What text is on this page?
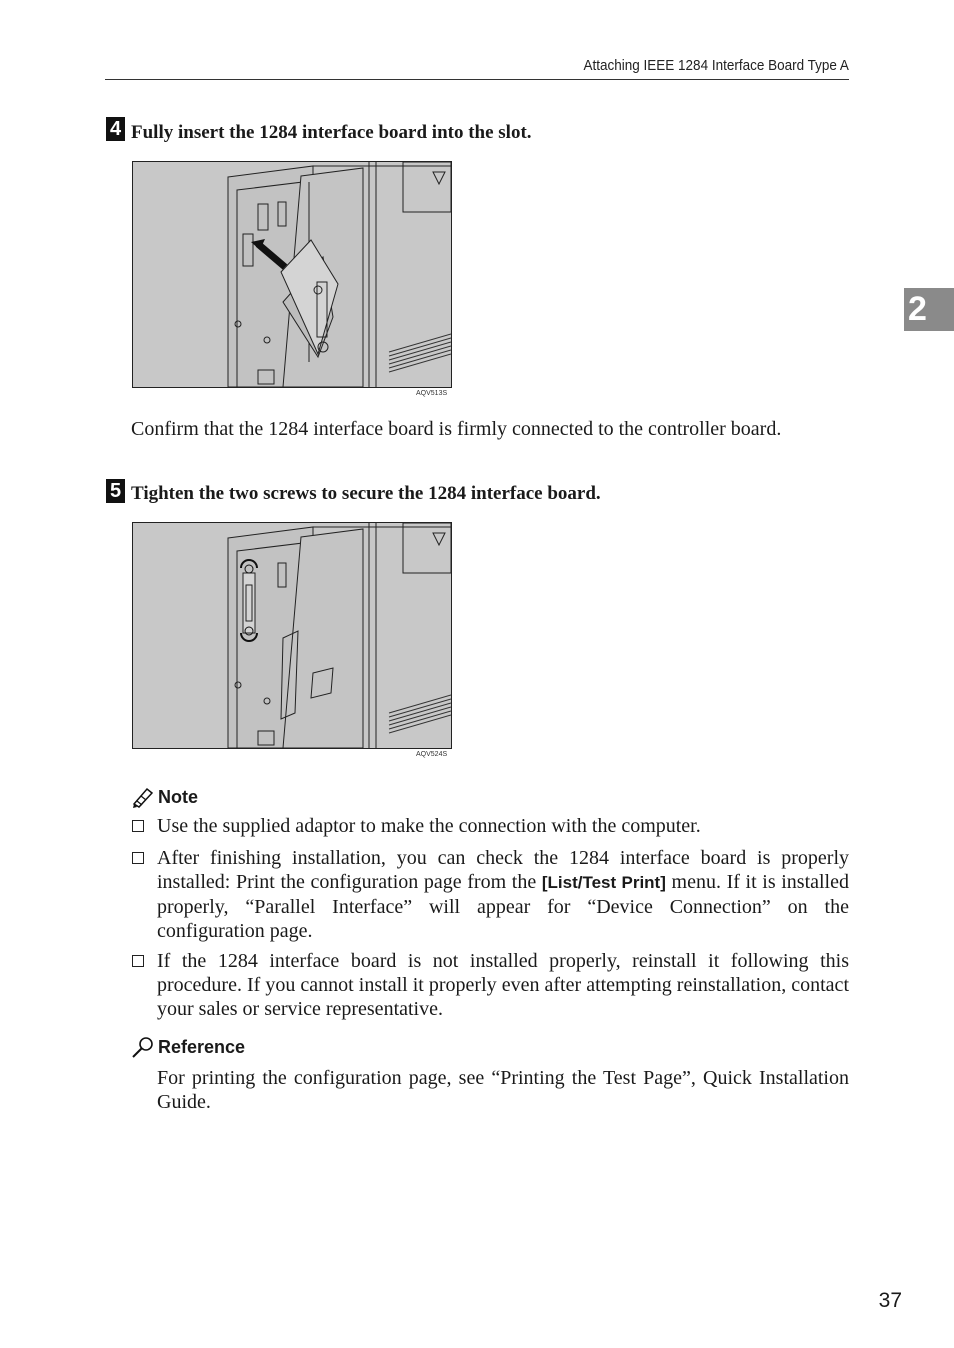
Attaching IEEE 1284 Interface Board Type A
2
4 Fully insert the 1284 interface board into the slot.
AQV513S

Confirm that the 1284 interface board is firmly connected to the controller board.

5 Tighten the two screws to secure the 1284 interface board.
AQV524S
Note
Use the supplied adaptor to make the connection with the computer.
After finishing installation, you can check the 1284 interface board is properly installed: Print the configuration page from the [List/Test Print] menu. If it is installed properly, “Parallel Interface” will appear for “Device Connection” on the configuration page.
If the 1284 interface board is not installed properly, reinstall it following this procedure. If you cannot install it properly even after attempting reinstallation, contact your sales or service representative.
Reference

For printing the configuration page, see “Printing the Test Page”, Quick Installation Guide.

37
